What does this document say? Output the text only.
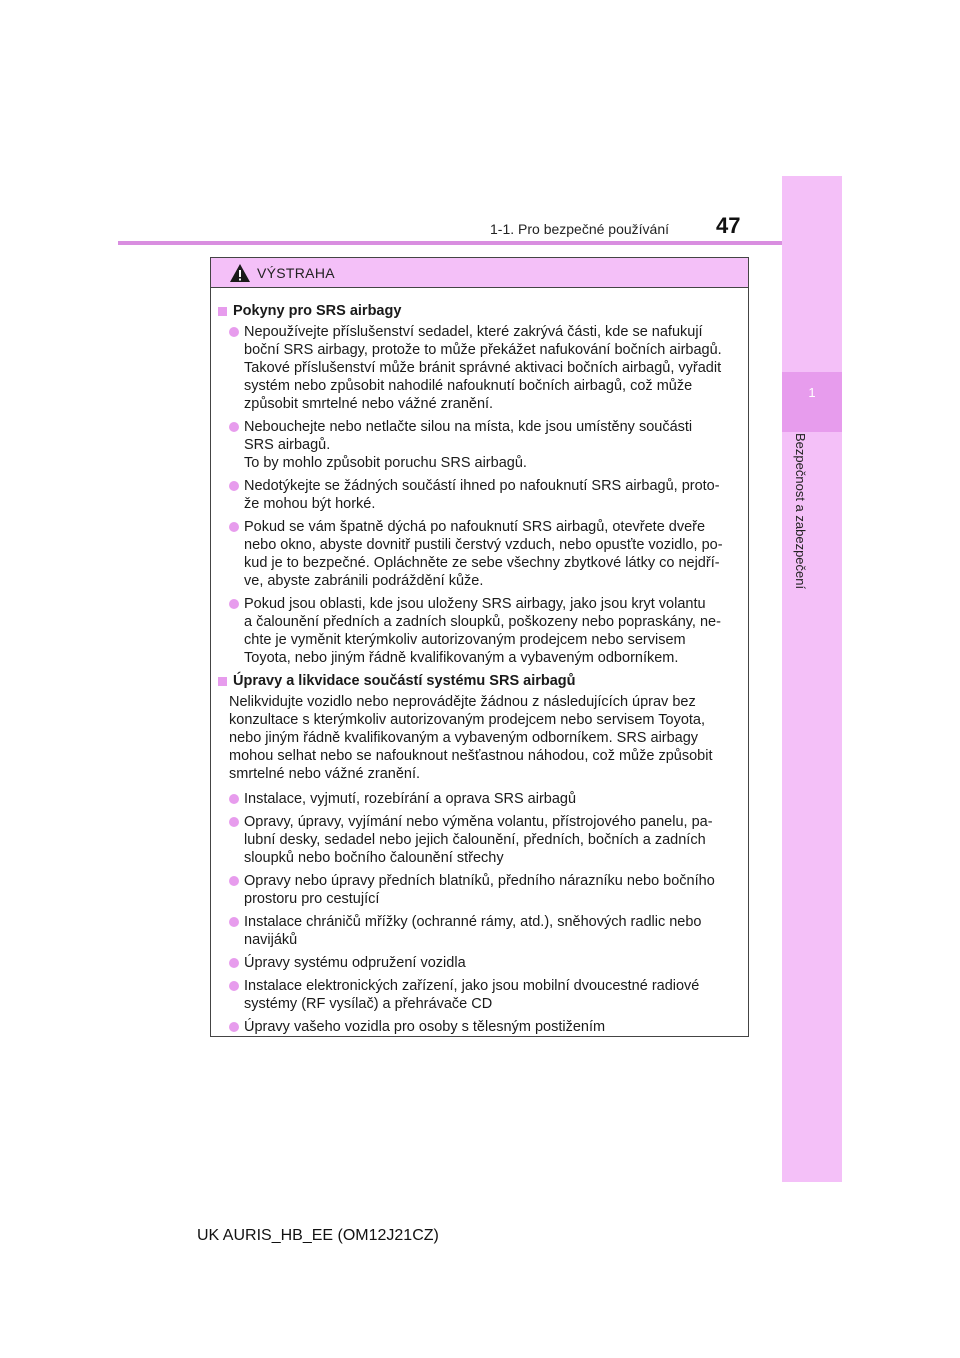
1-1. Pro bezpečné používání 47
1
Bezpečnost a zabezpečení
VÝSTRAHA
Pokyny pro SRS airbagy
Nepoužívejte příslušenství sedadel, které zakrývá části, kde se nafukují
boční SRS airbagy, protože to může překážet nafukování bočních airbagů.
Takové příslušenství může bránit správné aktivaci bočních airbagů, vyřadit
systém nebo způsobit nahodilé nafouknutí bočních airbagů, což může
způsobit smrtelné nebo vážné zranění.
Nebouchejte nebo netlačte silou na místa, kde jsou umístěny součásti
SRS airbagů.
To by mohlo způsobit poruchu SRS airbagů.
Nedotýkejte se žádných součástí ihned po nafouknutí SRS airbagů, proto-
že mohou být horké.
Pokud se vám špatně dýchá po nafouknutí SRS airbagů, otevřete dveře
nebo okno, abyste dovnitř pustili čerstvý vzduch, nebo opusťte vozidlo, po-
kud je to bezpečné. Opláchněte ze sebe všechny zbytkové látky co nejdří-
ve, abyste zabránili podráždění kůže.
Pokud jsou oblasti, kde jsou uloženy SRS airbagy, jako jsou kryt volantu
a čalounění předních a zadních sloupků, poškozeny nebo popraskány, ne-
chte je vyměnit kterýmkoliv autorizovaným prodejcem nebo servisem
Toyota, nebo jiným řádně kvalifikovaným a vybaveným odborníkem.
Úpravy a likvidace součástí systému SRS airbagů
Nelikvidujte vozidlo nebo neprovádějte žádnou z následujících úprav bez
konzultace s kterýmkoliv autorizovaným prodejcem nebo servisem Toyota,
nebo jiným řádně kvalifikovaným a vybaveným odborníkem. SRS airbagy
mohou selhat nebo se nafouknout nešťastnou náhodou, což může způsobit
smrtelné nebo vážné zranění.
Instalace, vyjmutí, rozebírání a oprava SRS airbagů
Opravy, úpravy, vyjímání nebo výměna volantu, přístrojového panelu, pa-
lubní desky, sedadel nebo jejich čalounění, předních, bočních a zadních
sloupků nebo bočního čalounění střechy
Opravy nebo úpravy předních blatníků, předního nárazníku nebo bočního
prostoru pro cestující
Instalace chráničů mřížky (ochranné rámy, atd.), sněhových radlic nebo
navijáků
Úpravy systému odpružení vozidla
Instalace elektronických zařízení, jako jsou mobilní dvoucestné radiové
systémy (RF vysílač) a přehrávače CD
Úpravy vašeho vozidla pro osoby s tělesným postižením
UK AURIS_HB_EE (OM12J21CZ)
